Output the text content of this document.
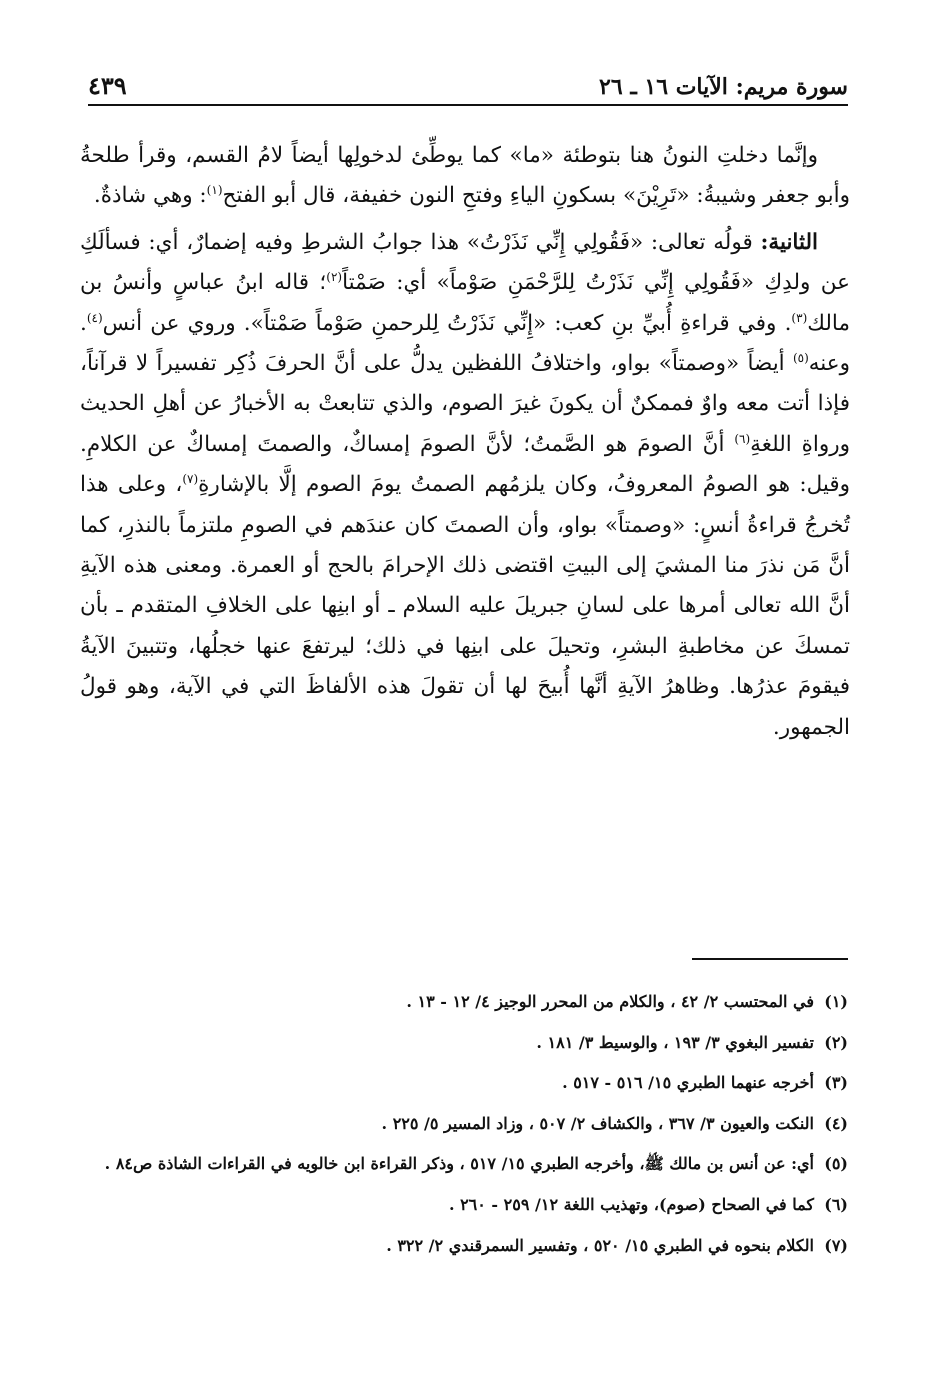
سورة مريم: الآيات ١٦ ـ ٢٦
٤٣٩

وإنَّما دخلتِ النونُ هنا بتوطئة «ما» كما يوطِّئ لدخولِها أيضاً لامُ القسم، وقرأ طلحةُ وأبو جعفر وشيبةُ: «تَرِيْنَ» بسكونِ الياءِ وفتحِ النون خفيفة، قال أبو الفتح$^{(١)}$: وهي شاذةٌ.

الثانية: قولُه تعالى: «فَقُولِي إِنِّي نَذَرْتُ» هذا جوابُ الشرطِ وفيه إضمارٌ، أي: فسألَكِ عن ولدِكِ «فَقُولِي إِنِّي نَذَرْتُ لِلرَّحْمَنِ صَوْماً» أي: صَمْتاً$^{(٢)}$؛ قاله ابنُ عباسٍ وأنسُ بن مالك$^{(٣)}$. وفي قراءةِ أُبيِّ بنِ كعب: «إِنِّي نَذَرْتُ لِلرحمنِ صَوْماً صَمْتاً». وروي عن أنس$^{(٤)}$. وعنه$^{(٥)}$ أيضاً «وصمتاً» بواو، واختلافُ اللفظين يدلُّ على أنَّ الحرفَ ذُكِر تفسيراً لا قرآناً، فإذا أتت معه واوٌ فممكنٌ أن يكونَ غيرَ الصوم، والذي تتابعتْ به الأخبارُ عن أهلِ الحديث ورواةِ اللغةِ$^{(٦)}$ أنَّ الصومَ هو الصَّمتُ؛ لأنَّ الصومَ إمساكٌ، والصمتَ إمساكٌ عن الكلامِ. وقيل: هو الصومُ المعروفُ، وكان يلزمُهم الصمتُ يومَ الصوم إلَّا بالإشارةِ$^{(٧)}$، وعلى هذا تُخرجُ قراءةُ أنسٍ: «وصمتاً» بواو، وأن الصمتَ كان عندَهم في الصومِ ملتزماً بالنذرِ، كما أنَّ مَن نذرَ منا المشيَ إلى البيتِ اقتضى ذلك الإحرامَ بالحج أو العمرة. ومعنى هذه الآيةِ أنَّ الله تعالى أمرها على لسانِ جبريلَ عليه السلام ـ أو ابنِها على الخلافِ المتقدم ـ بأن تمسكَ عن مخاطبةِ البشرِ، وتحيلَ على ابنِها في ذلك؛ ليرتفعَ عنها خجلُها، وتتبينَ الآيةُ فيقومَ عذرُها. وظاهرُ الآيةِ أنَّها أُبيحَ لها أن تقولَ هذه الألفاظَ التي في الآية، وهو قولُ الجمهور.

(١)
في المحتسب ٢/ ٤٢ ، والكلام من المحرر الوجيز ٤/ ١٢ - ١٣ .
(٢)
تفسير البغوي ٣/ ١٩٣ ، والوسيط ٣/ ١٨١ .
(٣)
أخرجه عنهما الطبري ١٥/ ٥١٦ - ٥١٧ .
(٤)
النكت والعيون ٣/ ٣٦٧ ، والكشاف ٢/ ٥٠٧ ، وزاد المسير ٥/ ٢٢٥ .
(٥)
أي: عن أنس بن مالك ﷺ، وأخرجه الطبري ١٥/ ٥١٧ ، وذكر القراءة ابن خالويه في القراءات الشاذة ص٨٤ .
(٦)
كما في الصحاح (صوم)، وتهذيب اللغة ١٢/ ٢٥٩ - ٢٦٠ .
(٧)
الكلام بنحوه في الطبري ١٥/ ٥٢٠ ، وتفسير السمرقندي ٢/ ٣٢٢ .
